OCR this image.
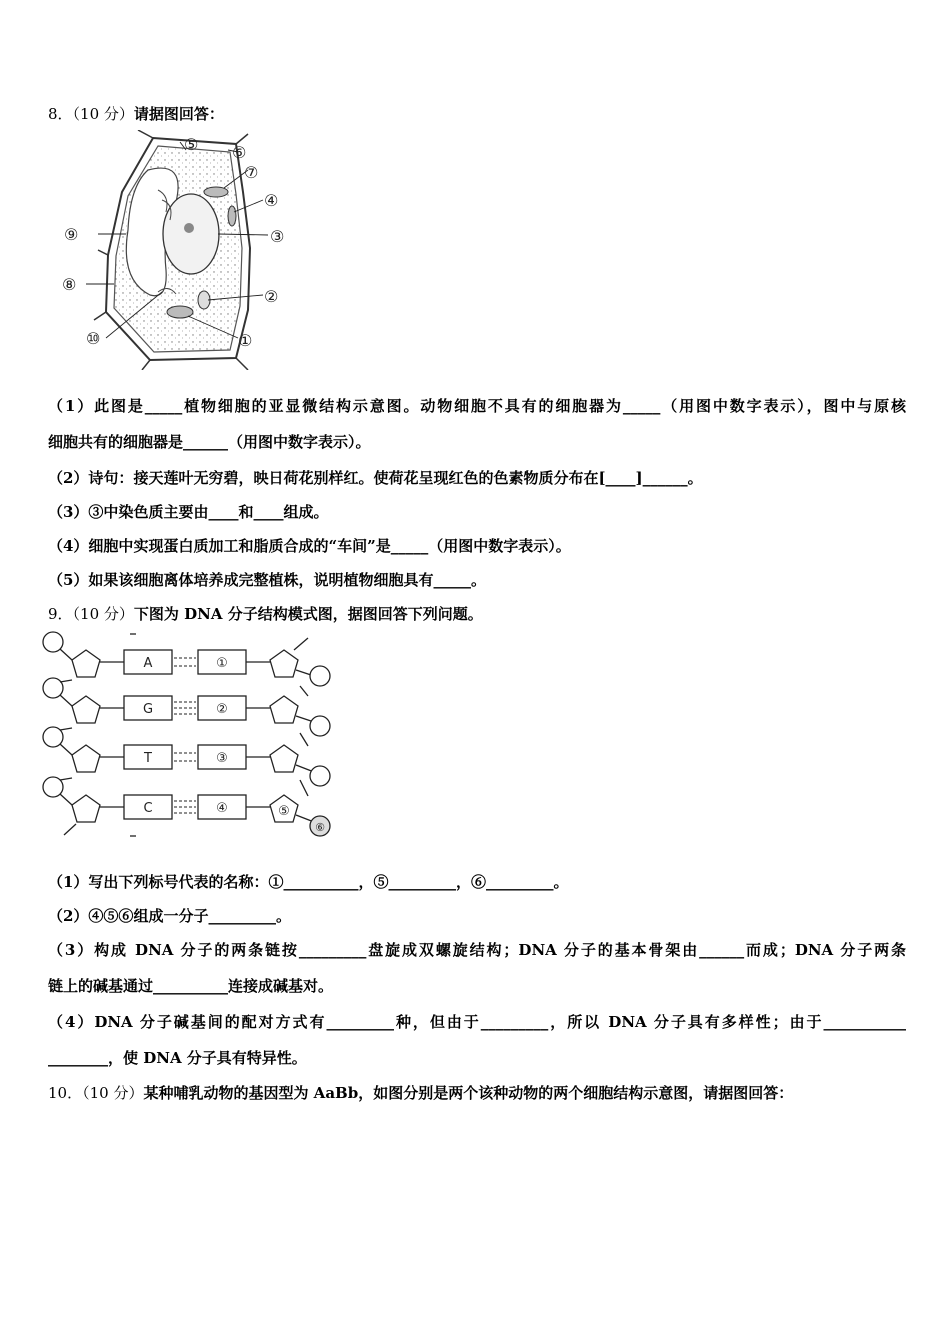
8．（10 分）请据图回答：
⑤ ⑥
⑦
④
③
②
①
⑨
⑧
⑩
（1）此图是_____植物细胞的亚显微结构示意图。动物细胞不具有的细胞器为_____（用图中数字表示），图中与原核
细胞共有的细胞器是______（用图中数字表示）。
（2）诗句：接天莲叶无穷碧，映日荷花别样红。使荷花呈现红色的色素物质分布在[____]______。
（3）③中染色质主要由____和____组成。
（4）细胞中实现蛋白质加工和脂质合成的“车间”是_____（用图中数字表示）。
（5）如果该细胞离体培养成完整植株，说明植物细胞具有_____。
9．（10 分）下图为 DNA 分子结构模式图，据图回答下列问题。
A
G
T
C
①
②
③
④	⑤
⑥
（1）写出下列标号代表的名称：①__________，⑤_________，⑥_________。
（2）④⑤⑥组成一分子_________。
（3）构成 DNA 分子的两条链按_________盘旋成双螺旋结构；DNA 分子的基本骨架由______而成；DNA 分子两条
链上的碱基通过__________连接成碱基对。
（4）DNA 分子碱基间的配对方式有_________种，但由于_________，所以 DNA 分子具有多样性；由于___________
________，使 DNA 分子具有特异性。
10．（10 分）某种哺乳动物的基因型为 AaBb，如图分别是两个该种动物的两个细胞结构示意图，请据图回答：
